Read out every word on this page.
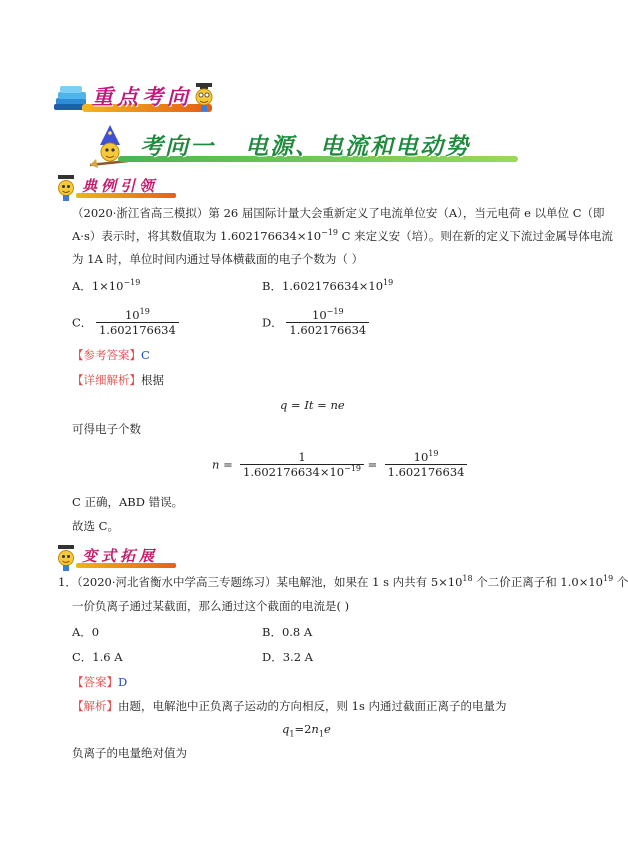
重点考向
考向一   电源、电流和电动势
典例引领
（2020·浙江省高三模拟）第 26 届国际计量大会重新定义了电流单位安（A），当元电荷 e 以单位 C（即
A·s）表示时，将其数值取为 $1.602176634\times 10^{-19}$ C 来定义安（培）。则在新的定义下流过金属导体电流
为 1A 时，单位时间内通过导体横截面的电子个数为（ ）
A．$1\times 10^{-19}$	B．$1.602176634\times 10^{19}$
C． $\frac{10^{19}}{1.602176634}$	D． $\frac{10^{-19}}{1.602176634}$
【参考答案】C
【详细解析】根据
q = It = ne
可得电子个数
$n = \frac{1}{1.602176634\times 10^{-19}} = \frac{10^{19}}{1.602176634}$
C 正确，ABD 错误。
故选 C。
变式拓展
1．（2020·河北省衡水中学高三专题练习）某电解池，如果在 1 s 内共有 $5\times 10^{18}$ 个二价正离子和 $1.0\times 10^{19}$ 个
一价负离子通过某截面，那么通过这个截面的电流是( )
A．0	B．0.8 A
C．1.6 A	D．3.2 A
【答案】D
【解析】由题，电解池中正负离子运动的方向相反，则 1s 内通过截面正离子的电量为
$q_1=2n_1e$
负离子的电量绝对值为
